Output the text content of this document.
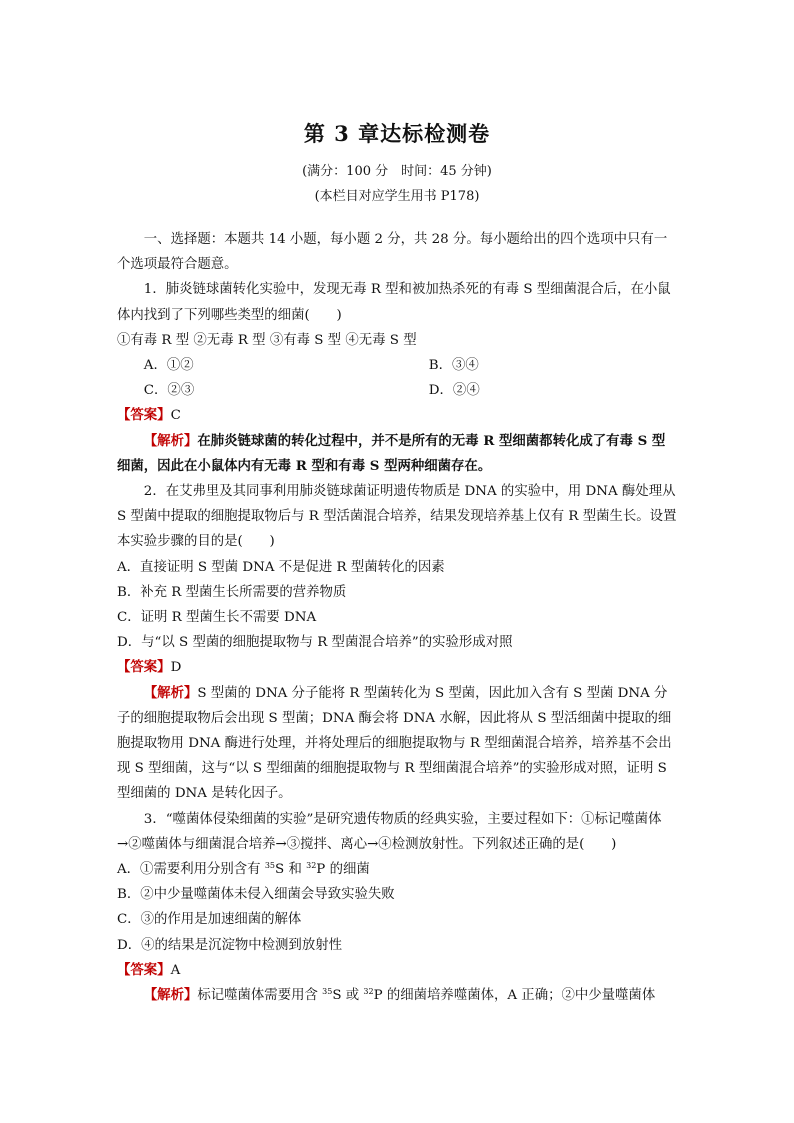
第 3 章达标检测卷
(满分：100 分　时间：45 分钟)
(本栏目对应学生用书 P178)

一、选择题：本题共 14 小题，每小题 2 分，共 28 分。每小题给出的四个选项中只有一个选项最符合题意。

1．肺炎链球菌转化实验中，发现无毒 R 型和被加热杀死的有毒 S 型细菌混合后，在小鼠体内找到了下列哪些类型的细菌(　　)

①有毒 R 型 ②无毒 R 型 ③有毒 S 型 ④无毒 S 型

A．①②	B．③④
C．②③	D．②④

【答案】C

【解析】在肺炎链球菌的转化过程中，并不是所有的无毒 R 型细菌都转化成了有毒 S 型细菌，因此在小鼠体内有无毒 R 型和有毒 S 型两种细菌存在。

2．在艾弗里及其同事利用肺炎链球菌证明遗传物质是 DNA 的实验中，用 DNA 酶处理从 S 型菌中提取的细胞提取物后与 R 型活菌混合培养，结果发现培养基上仅有 R 型菌生长。设置本实验步骤的目的是(　　)

A．直接证明 S 型菌 DNA 不是促进 R 型菌转化的因素

B．补充 R 型菌生长所需要的营养物质

C．证明 R 型菌生长不需要 DNA

D．与“以 S 型菌的细胞提取物与 R 型菌混合培养”的实验形成对照

【答案】D

【解析】S 型菌的 DNA 分子能将 R 型菌转化为 S 型菌，因此加入含有 S 型菌 DNA 分子的细胞提取物后会出现 S 型菌；DNA 酶会将 DNA 水解，因此将从 S 型活细菌中提取的细胞提取物用 DNA 酶进行处理，并将处理后的细胞提取物与 R 型细菌混合培养，培养基不会出现 S 型细菌，这与“以 S 型细菌的细胞提取物与 R 型细菌混合培养”的实验形成对照，证明 S 型细菌的 DNA 是转化因子。

3．“噬菌体侵染细菌的实验”是研究遗传物质的经典实验，主要过程如下：①标记噬菌体→②噬菌体与细菌混合培养→③搅拌、离心→④检测放射性。下列叙述正确的是(　　)

A．①需要利用分别含有 $^{35}$S 和 $^{32}$P 的细菌

B．②中少量噬菌体未侵入细菌会导致实验失败

C．③的作用是加速细菌的解体

D．④的结果是沉淀物中检测到放射性

【答案】A

【解析】标记噬菌体需要用含 $^{35}$S 或 $^{32}$P 的细菌培养噬菌体，A 正确；②中少量噬菌体
